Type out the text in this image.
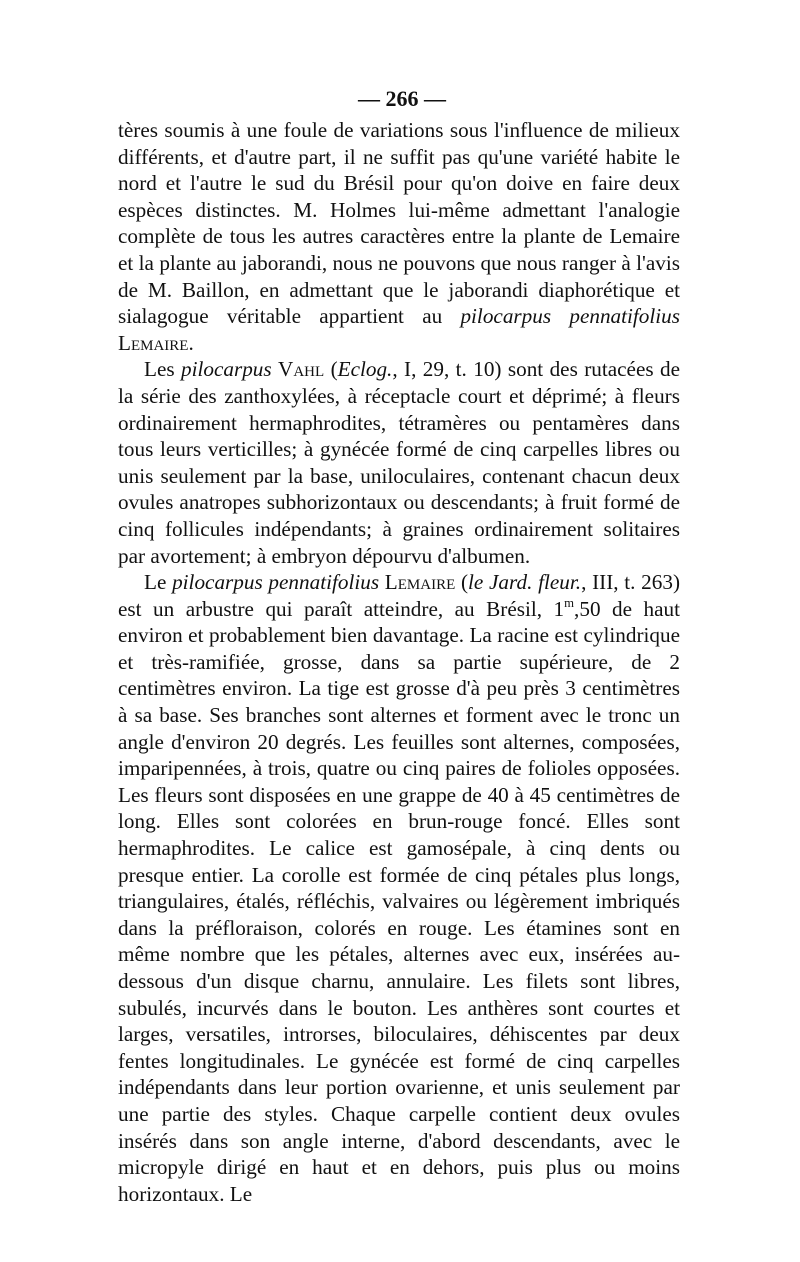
— 266 —

tères soumis à une foule de variations sous l'influence de milieux différents, et d'autre part, il ne suffit pas qu'une variété habite le nord et l'autre le sud du Brésil pour qu'on doive en faire deux espèces distinctes. M. Holmes lui-même admettant l'analogie complète de tous les autres caractères entre la plante de Lemaire et la plante au jaborandi, nous ne pouvons que nous ranger à l'avis de M. Baillon, en admettant que le jaborandi diaphorétique et sialagogue véritable appartient au pilocarpus pennatifolius Lemaire.

Les pilocarpus Vahl (Eclog., I, 29, t. 10) sont des rutacées de la série des zanthoxylées, à réceptacle court et déprimé; à fleurs ordinairement hermaphrodites, tétramères ou pentamères dans tous leurs verticilles; à gynécée formé de cinq carpelles libres ou unis seulement par la base, uniloculaires, contenant chacun deux ovules anatropes subhorizontaux ou descendants; à fruit formé de cinq follicules indépendants; à graines ordinairement solitaires par avortement; à embryon dépourvu d'albumen.

Le pilocarpus pennatifolius Lemaire (le Jard. fleur., III, t. 263) est un arbustre qui paraît atteindre, au Brésil, 1$^m$,50 de haut environ et probablement bien davantage. La racine est cylindrique et très-ramifiée, grosse, dans sa partie supérieure, de 2 centimètres environ. La tige est grosse d'à peu près 3 centimètres à sa base. Ses branches sont alternes et forment avec le tronc un angle d'environ 20 degrés. Les feuilles sont alternes, composées, imparipennées, à trois, quatre ou cinq paires de folioles opposées. Les fleurs sont disposées en une grappe de 40 à 45 centimètres de long. Elles sont colorées en brun-rouge foncé. Elles sont hermaphrodites. Le calice est gamosépale, à cinq dents ou presque entier. La corolle est formée de cinq pétales plus longs, triangulaires, étalés, réfléchis, valvaires ou légèrement imbriqués dans la préfloraison, colorés en rouge. Les étamines sont en même nombre que les pétales, alternes avec eux, insérées au-dessous d'un disque charnu, annulaire. Les filets sont libres, subulés, incurvés dans le bouton. Les anthères sont courtes et larges, versatiles, introrses, biloculaires, déhiscentes par deux fentes longitudinales. Le gynécée est formé de cinq carpelles indépendants dans leur portion ovarienne, et unis seulement par une partie des styles. Chaque carpelle contient deux ovules insérés dans son angle interne, d'abord descendants, avec le micropyle dirigé en haut et en dehors, puis plus ou moins horizontaux. Le
